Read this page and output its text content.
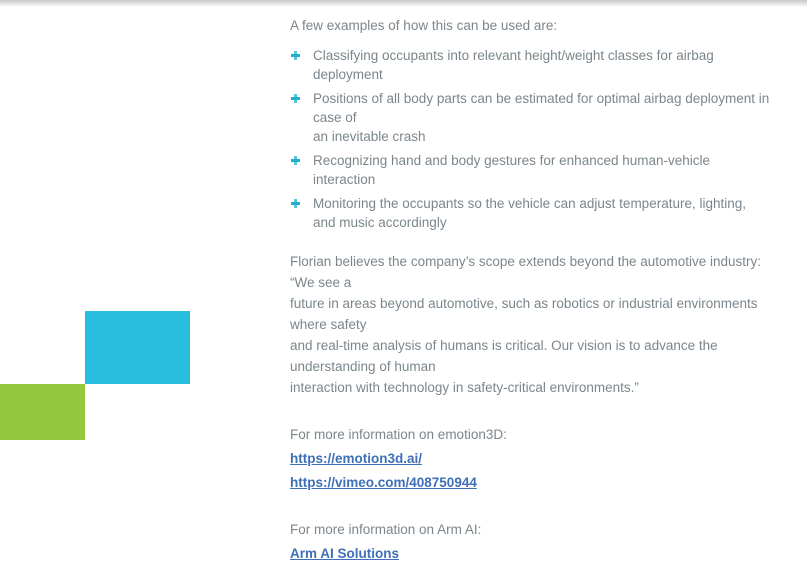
A few examples of how this can be used are:

Classifying occupants into relevant height/weight classes for airbag deployment
Positions of all body parts can be estimated for optimal airbag deployment in case of
an inevitable crash
Recognizing hand and body gestures for enhanced human-vehicle interaction
Monitoring the occupants so the vehicle can adjust temperature, lighting,
and music accordingly

Florian believes the company’s scope extends beyond the automotive industry: “We see a
future in areas beyond automotive, such as robotics or industrial environments where safety
and real-time analysis of humans is critical. Our vision is to advance the understanding of human
interaction with technology in safety-critical environments.”

For more information on emotion3D:

https://emotion3d.ai/
https://vimeo.com/408750944

For more information on Arm AI:

Arm AI Solutions
